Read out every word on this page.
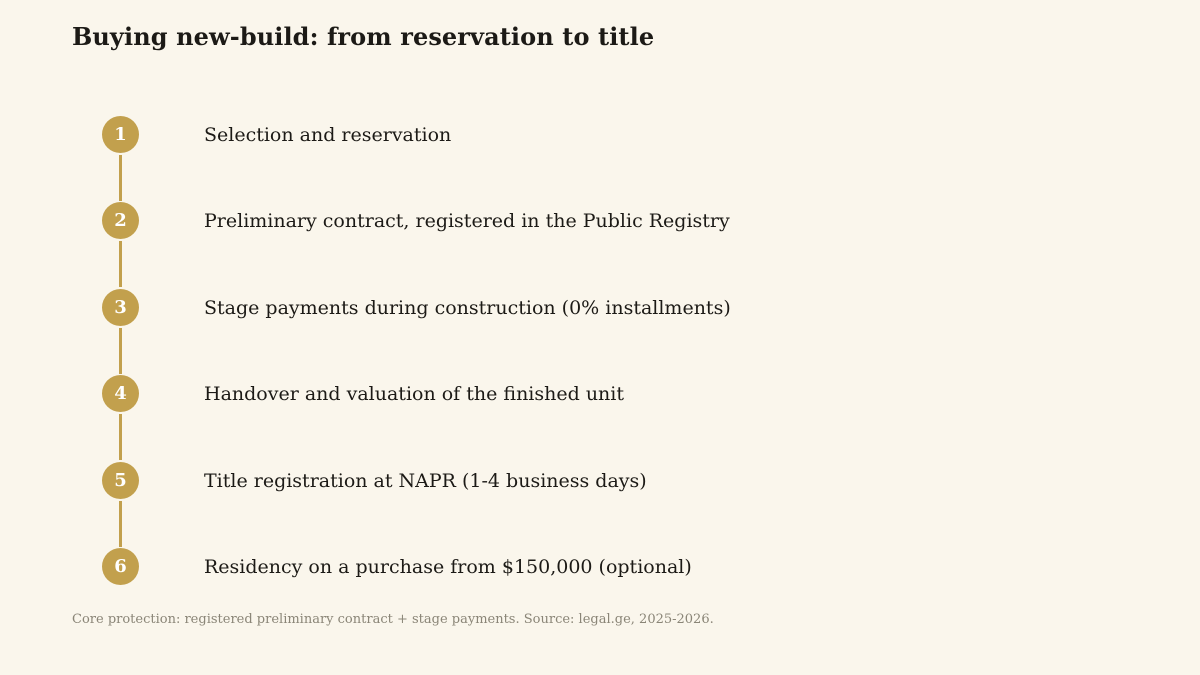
Buying new-build: from reservation to title
1	Selection and reservation
2	Preliminary contract, registered in the Public Registry
3	Stage payments during construction (0% installments)
4	Handover and valuation of the finished unit
5	Title registration at NAPR (1-4 business days)
6	Residency on a purchase from $150,000 (optional)
Core protection: registered preliminary contract + stage payments. Source: legal.ge, 2025-2026.
